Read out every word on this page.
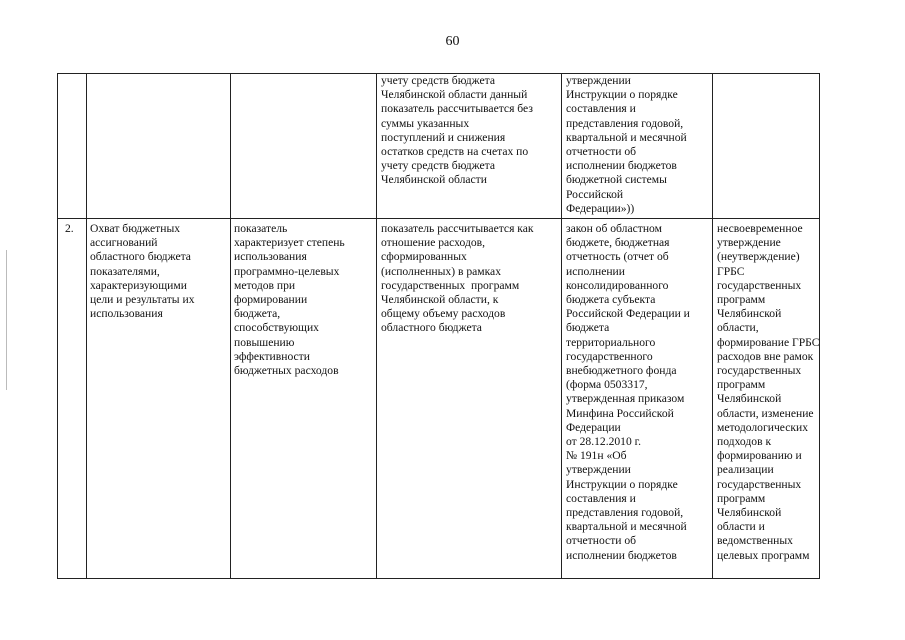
60
учету средств бюджета
Челябинской области данный
показатель рассчитывается без
суммы указанных
поступлений и снижения
остатков средств на счетах по
учету средств бюджета
Челябинской области
утверждении
Инструкции о порядке
составления и
представления годовой,
квартальной и месячной
отчетности об
исполнении бюджетов
бюджетной системы
Российской
Федерации»))
2. Охват бюджетных
ассигнований
областного бюджета
показателями,
характеризующими
цели и результаты их
использования
показатель
характеризует степень
использования
программно-целевых
методов при
формировании
бюджета,
способствующих
повышению
эффективности
бюджетных расходов
показатель рассчитывается как
отношение расходов,
сформированных
(исполненных) в рамках
государственных  программ
Челябинской области, к
общему объему расходов
областного бюджета
закон об областном
бюджете, бюджетная
отчетность (отчет об
исполнении
консолидированного
бюджета субъекта
Российской Федерации и
бюджета
территориального
государственного
внебюджетного фонда
(форма 0503317,
утвержденная приказом
Минфина Российской
Федерации
от 28.12.2010 г.
№ 191н «Об
утверждении
Инструкции о порядке
составления и
представления годовой,
квартальной и месячной
отчетности об
исполнении бюджетов
несвоевременное
утверждение
(неутверждение)
ГРБС
государственных
программ
Челябинской
области,
формирование ГРБС
расходов вне рамок
государственных
программ
Челябинской
области, изменение
методологических
подходов к
формированию и
реализации
государственных
программ
Челябинской
области и
ведомственных
целевых программ
